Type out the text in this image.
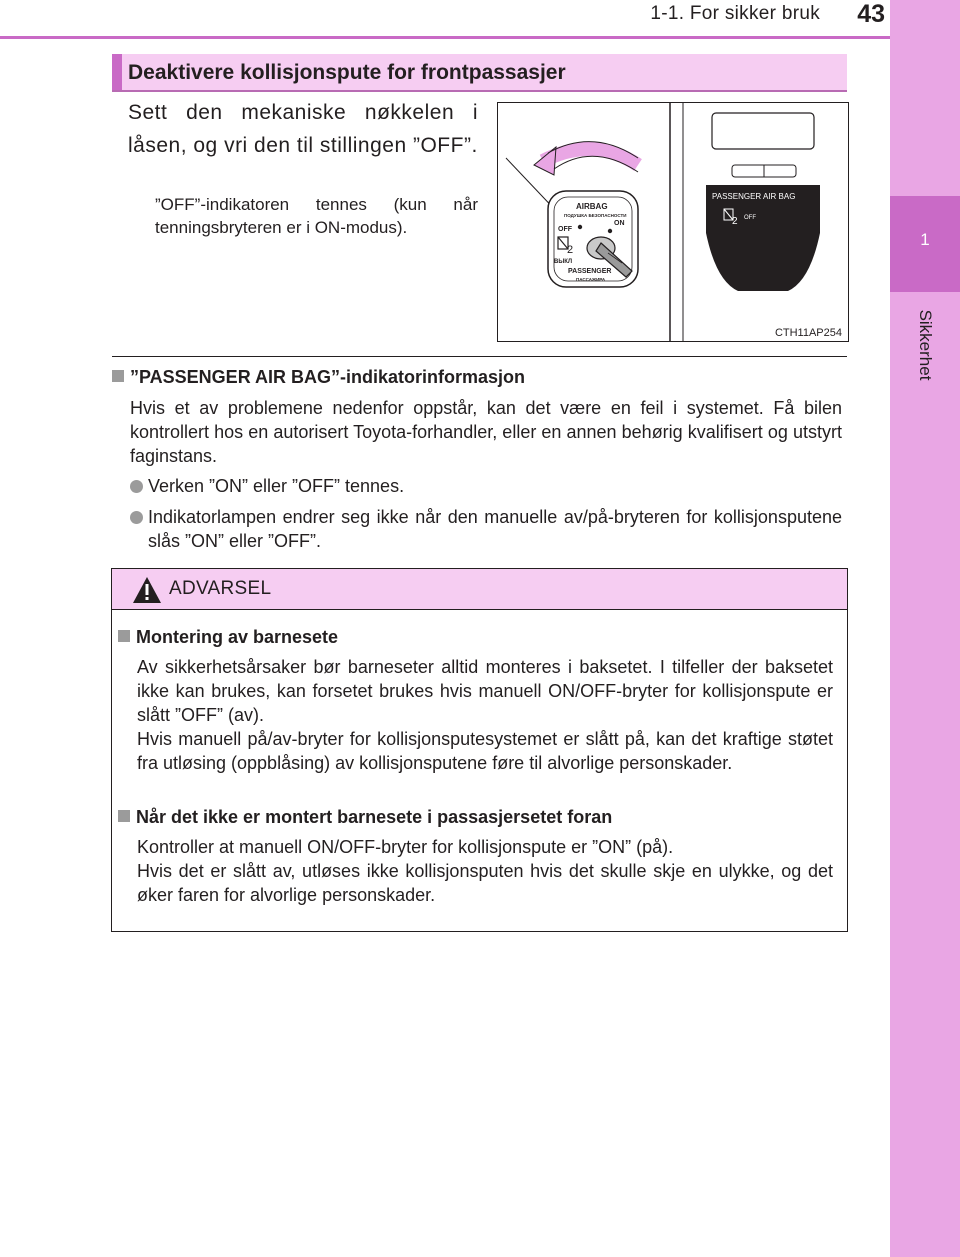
1
Sikkerhet
1-1. For sikker bruk	43
Deaktivere kollisjonspute for frontpassasjer
Sett den mekaniske nøkkelen i låsen, og vri den til stillingen ”OFF”.
”OFF”-indikatoren tennes (kun når tenningsbryteren er i ON-modus).
AIRBAG
ПОДУШКА БЕЗОПАСНОСТИ
OFF
ON
ВЫКЛ
PASSENGER
ПАССАЖИРА
2
PASSENGER AIR BAG
2 OFF
CTH11AP254
”PASSENGER AIR BAG”-indikatorinformasjon
Hvis et av problemene nedenfor oppstår, kan det være en feil i systemet. Få bilen kontrollert hos en autorisert Toyota-forhandler, eller en annen behørig kvalifisert og utstyrt faginstans.
Verken ”ON” eller ”OFF” tennes.
Indikatorlampen endrer seg ikke når den manuelle av/på-bryteren for kollisjonsputene slås ”ON” eller ”OFF”.
ADVARSEL
Montering av barnesete
Av sikkerhetsårsaker bør barneseter alltid monteres i baksetet. I tilfeller der baksetet ikke kan brukes, kan forsetet brukes hvis manuell ON/OFF-bryter for kollisjonspute er slått ”OFF” (av).
Hvis manuell på/av-bryter for kollisjonsputesystemet er slått på, kan det kraftige støtet fra utløsing (oppblåsing) av kollisjonsputene føre til alvorlige personskader.
Når det ikke er montert barnesete i passasjersetet foran
Kontroller at manuell ON/OFF-bryter for kollisjonspute er ”ON” (på).
Hvis det er slått av, utløses ikke kollisjonsputen hvis det skulle skje en ulykke, og det øker faren for alvorlige personskader.
